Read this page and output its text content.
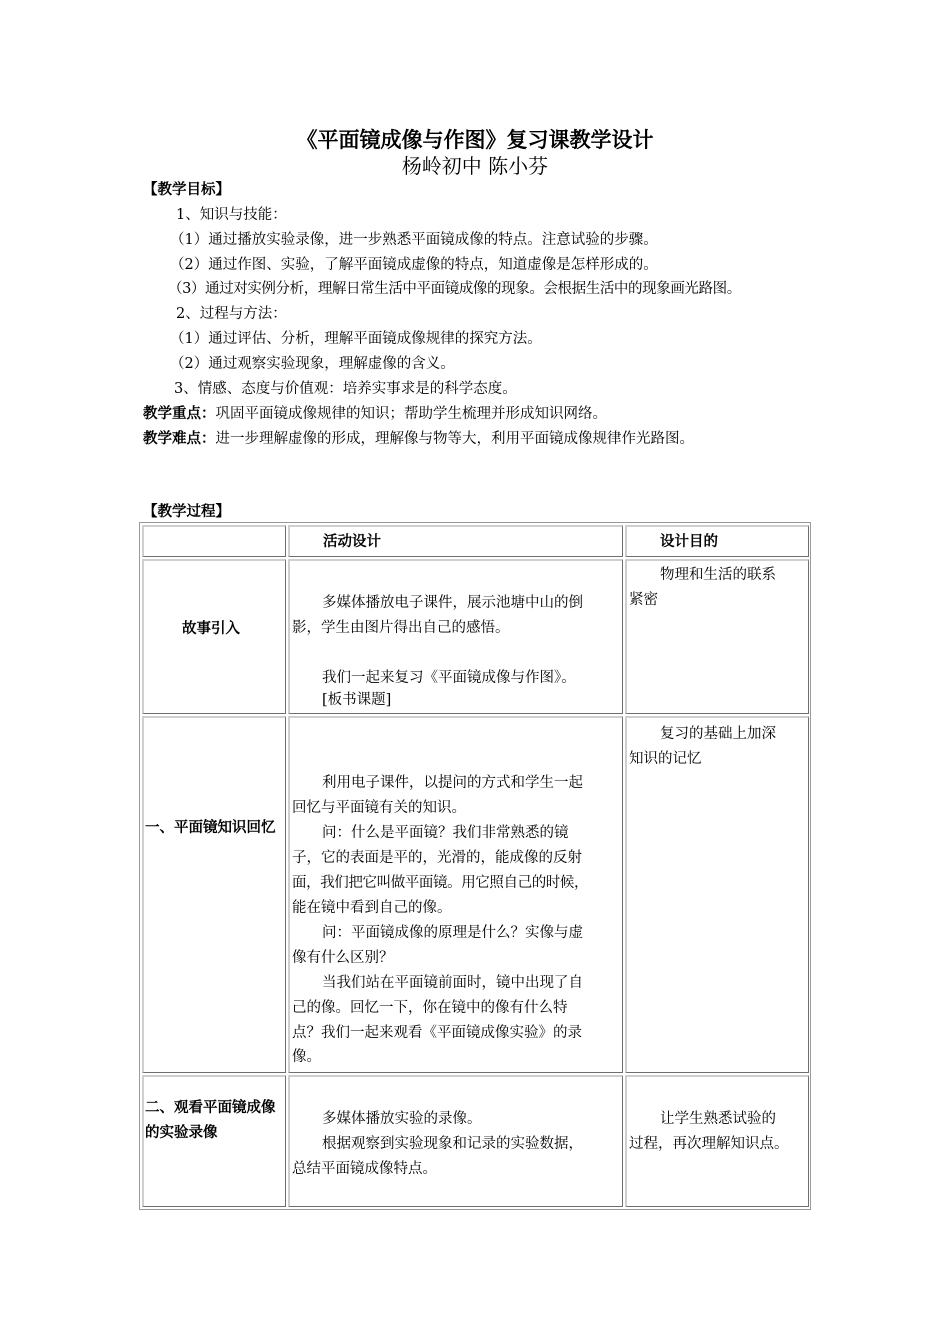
《平面镜成像与作图》复习课教学设计
杨岭初中 陈小芬
【教学目标】
1、知识与技能：
（1）通过播放实验录像，进一步熟悉平面镜成像的特点。注意试验的步骤。
（2）通过作图、实验，了解平面镜成虚像的特点，知道虚像是怎样形成的。
（3）通过对实例分析，理解日常生活中平面镜成像的现象。会根据生活中的现象画光路图。
2、过程与方法：
（1）通过评估、分析，理解平面镜成像规律的探究方法。
（2）通过观察实验现象，理解虚像的含义。
3、情感、态度与价值观：培养实事求是的科学态度。
教学重点：巩固平面镜成像规律的知识；帮助学生梳理并形成知识网络。
教学难点：进一步理解虚像的形成，理解像与物等大，利用平面镜成像规律作光路图。
【教学过程】
活动设计	设计目的
故事引入
多媒体播放电子课件，展示池塘中山的倒
影，学生由图片得出自己的感悟。
我们一起来复习《平面镜成像与作图》。
[板书课题]
物理和生活的联系
紧密
一、平面镜知识回忆
利用电子课件，以提问的方式和学生一起
回忆与平面镜有关的知识。
问：什么是平面镜？我们非常熟悉的镜
子，它的表面是平的，光滑的，能成像的反射
面，我们把它叫做平面镜。用它照自己的时候，
能在镜中看到自己的像。
问：平面镜成像的原理是什么？实像与虚
像有什么区别？
当我们站在平面镜前面时，镜中出现了自
己的像。回忆一下，你在镜中的像有什么特
点？我们一起来观看《平面镜成像实验》的录
像。
复习的基础上加深
知识的记忆
二、观看平面镜成像
的实验录像
多媒体播放实验的录像。
根据观察到实验现象和记录的实验数据，
总结平面镜成像特点。
让学生熟悉试验的
过程，再次理解知识点。
